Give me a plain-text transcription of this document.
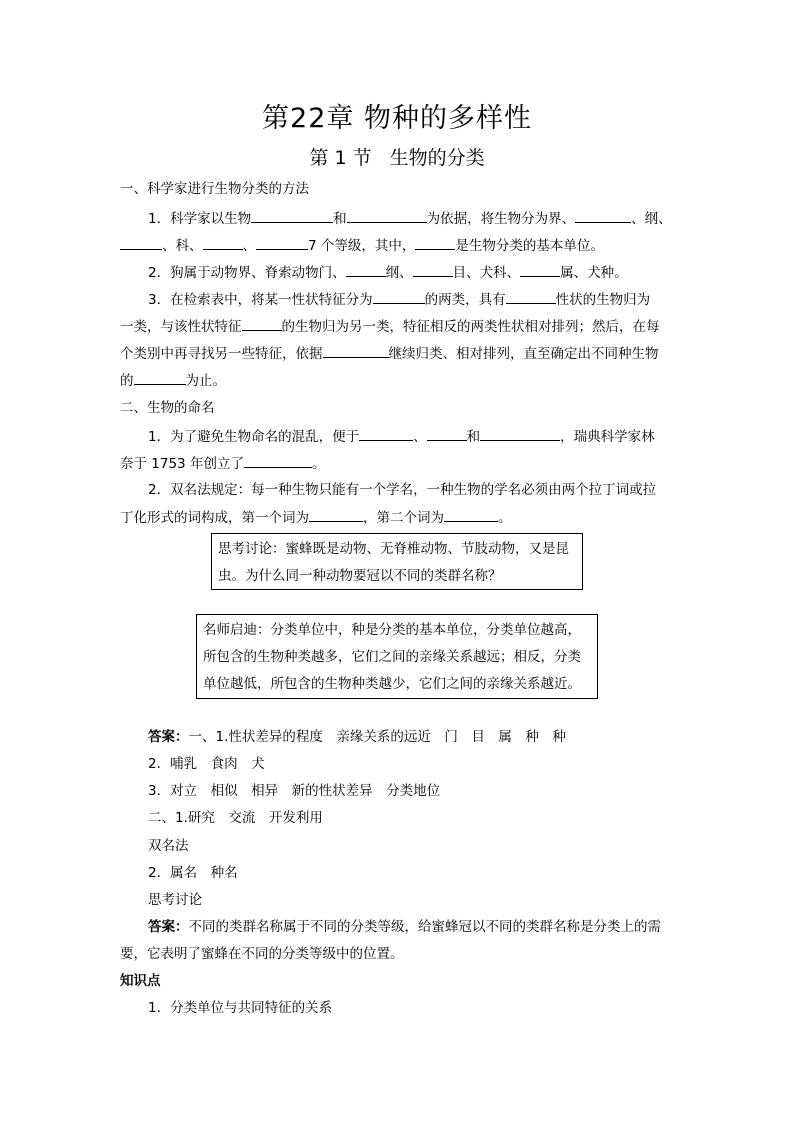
第22章 物种的多样性
第 1 节 生物的分类
一、科学家进行生物分类的方法
1．科学家以生物	和	为依据，将生物分为界、	、纲、
、科、	、	7 个等级，其中，	是生物分类的基本单位。
2．狗属于动物界、脊索动物门、	纲、	目、犬科、	属、犬种。
3．在检索表中，将某一性状特征分为	的两类，具有	性状的生物归为
一类，与该性状特征	的生物归为另一类，特征相反的两类性状相对排列；然后，在每
个类别中再寻找另一些特征，依据	继续归类、相对排列，直至确定出不同种生物
的	为止。
二、生物的命名
1．为了避免生物命名的混乱，便于	、	和	，瑞典科学家林
奈于 1753 年创立了	。
2．双名法规定：每一种生物只能有一个学名，一种生物的学名必须由两个拉丁词或拉
丁化形式的词构成，第一个词为	，第二个词为	。
思考讨论：蜜蜂既是动物、无脊椎动物、节肢动物，又是昆
虫。为什么同一种动物要冠以不同的类群名称？
名师启迪：分类单位中，种是分类的基本单位，分类单位越高，
所包含的生物种类越多，它们之间的亲缘关系越远；相反，分类
单位越低，所包含的生物种类越少，它们之间的亲缘关系越近。
答案：一、1.性状差异的程度　亲缘关系的远近　门　目　属　种　种
2．哺乳　食肉　犬
3．对立　相似　相异　新的性状差异　分类地位
二、1.研究　交流　开发利用
双名法
2．属名　种名
思考讨论
答案：不同的类群名称属于不同的分类等级，给蜜蜂冠以不同的类群名称是分类上的需
要，它表明了蜜蜂在不同的分类等级中的位置。
知识点
1．分类单位与共同特征的关系
